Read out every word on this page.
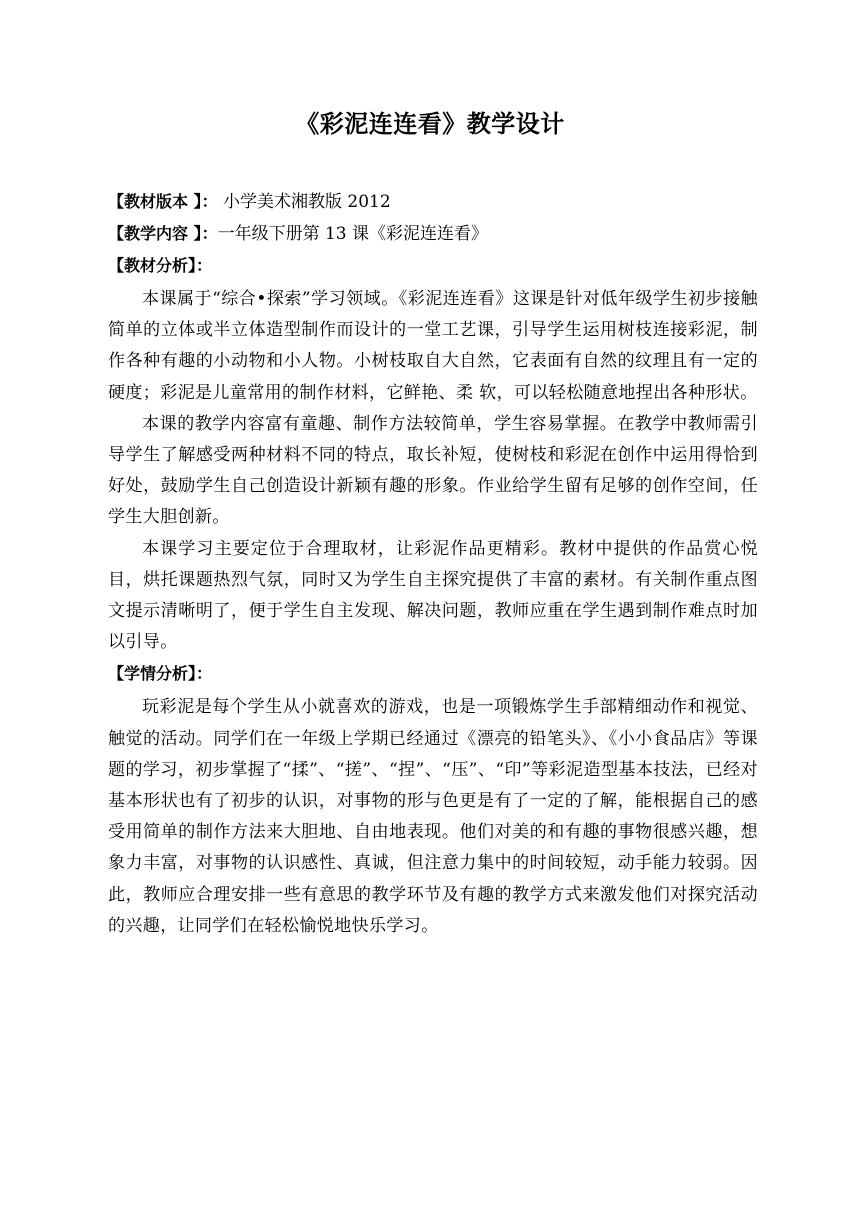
《彩泥连连看》教学设计

【教材版本 】： 小学美术湘教版 2012

【教学内容 】：一年级下册第 13 课《彩泥连连看》

【教材分析】：

本课属于“综合•探索”学习领域。《彩泥连连看》这课是针对低年级学生初步接触简单的立体或半立体造型制作而设计的一堂工艺课，引导学生运用树枝连接彩泥，制作各种有趣的小动物和小人物。小树枝取自大自然，它表面有自然的纹理且有一定的硬度；彩泥是儿童常用的制作材料，它鲜艳、柔 软，可以轻松随意地捏出各种形状。

本课的教学内容富有童趣、制作方法较简单，学生容易掌握。在教学中教师需引导学生了解感受两种材料不同的特点，取长补短，使树枝和彩泥在创作中运用得恰到好处，鼓励学生自己创造设计新颖有趣的形象。作业给学生留有足够的创作空间，任学生大胆创新。

本课学习主要定位于合理取材，让彩泥作品更精彩。教材中提供的作品赏心悦目，烘托课题热烈气氛，同时又为学生自主探究提供了丰富的素材。有关制作重点图文提示清晰明了，便于学生自主发现、解决问题，教师应重在学生遇到制作难点时加以引导。

【学情分析】：

玩彩泥是每个学生从小就喜欢的游戏，也是一项锻炼学生手部精细动作和视觉、触觉的活动。同学们在一年级上学期已经通过《漂亮的铅笔头》、《小小食品店》等课题的学习，初步掌握了“揉”、“搓”、“捏”、“压”、“印”等彩泥造型基本技法，已经对基本形状也有了初步的认识，对事物的形与色更是有了一定的了解，能根据自己的感受用简单的制作方法来大胆地、自由地表现。他们对美的和有趣的事物很感兴趣，想象力丰富，对事物的认识感性、真诚，但注意力集中的时间较短，动手能力较弱。因此，教师应合理安排一些有意思的教学环节及有趣的教学方式来激发他们对探究活动的兴趣，让同学们在轻松愉悦地快乐学习。
